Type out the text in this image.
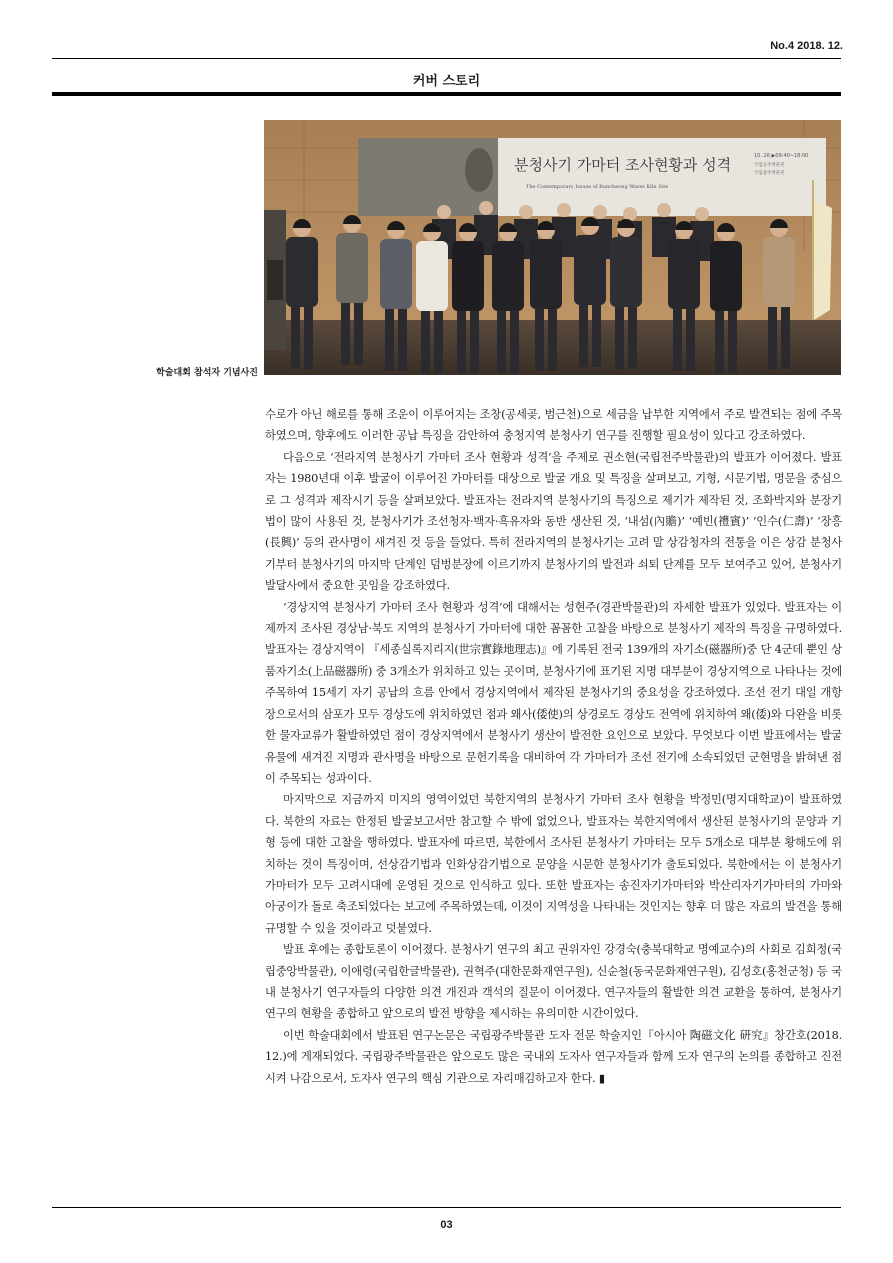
No.4 2018. 12.
커버 스토리
분청사기 가마터 조사현황과 성격
The Contemporary Issues of Buncheong Wares Kiln Site
10. 26 ▶09:40~18:00
국립공주박물관
국립광주박물관
학술대회 참석자 기념사진

수로가 아닌 해로를 통해 조운이 이루어지는 조창(공세곶, 범근천)으로 세금을 납부한 지역에서 주로 발견되는 점에 주목하였으며, 향후에도 이러한 공납 특징을 감안하여 충청지역 분청사기 연구를 진행할 필요성이 있다고 강조하였다.

다음으로 ‘전라지역 분청사기 가마터 조사 현황과 성격’을 주제로 권소현(국립전주박물관)의 발표가 이어졌다. 발표자는 1980년대 이후 발굴이 이루어진 가마터를 대상으로 발굴 개요 및 특징을 살펴보고, 기형, 시문기법, 명문을 중심으로 그 성격과 제작시기 등을 살펴보았다. 발표자는 전라지역 분청사기의 특징으로 제기가 제작된 것, 조화박지와 분장기법이 많이 사용된 것, 분청사기가 조선청자·백자·흑유자와 동반 생산된 것, ‘내섬(內贍)’ ‘예빈(禮賓)’ ‘인수(仁壽)’ ‘장흥(長興)’ 등의 관사명이 새겨진 것 등을 들었다. 특히 전라지역의 분청사기는 고려 말 상감청자의 전통을 이은 상감 분청사기부터 분청사기의 마지막 단계인 덤벙분장에 이르기까지 분청사기의 발전과 쇠퇴 단계를 모두 보여주고 있어, 분청사기 발달사에서 중요한 곳임을 강조하였다.

‘경상지역 분청사기 가마터 조사 현황과 성격’에 대해서는 성현주(경관박물관)의 자세한 발표가 있었다. 발표자는 이제까지 조사된 경상남·북도 지역의 분청사기 가마터에 대한 꼼꼼한 고찰을 바탕으로 분청사기 제작의 특징을 규명하였다. 발표자는 경상지역이 『세종실록지리지(世宗實錄地理志)』에 기록된 전국 139개의 자기소(磁器所)중 단 4군데 뿐인 상품자기소(上品磁器所) 중 3개소가 위치하고 있는 곳이며, 분청사기에 표기된 지명 대부분이 경상지역으로 나타나는 것에 주목하여 15세기 자기 공납의 흐름 안에서 경상지역에서 제작된 분청사기의 중요성을 강조하였다. 조선 전기 대일 개항장으로서의 삼포가 모두 경상도에 위치하였던 점과 왜사(倭使)의 상경로도 경상도 전역에 위치하여 왜(倭)와 다완을 비롯한 물자교류가 활발하였던 점이 경상지역에서 분청사기 생산이 발전한 요인으로 보았다. 무엇보다 이번 발표에서는 발굴유물에 새겨진 지명과 관사명을 바탕으로 문헌기록을 대비하여 각 가마터가 조선 전기에 소속되었던 군현명을 밝혀낸 점이 주목되는 성과이다.

마지막으로 지금까지 미지의 영역이었던 북한지역의 분청사기 가마터 조사 현황을 박정민(명지대학교)이 발표하였다. 북한의 자료는 한정된 발굴보고서만 참고할 수 밖에 없었으나, 발표자는 북한지역에서 생산된 분청사기의 문양과 기형 등에 대한 고찰을 행하였다. 발표자에 따르면, 북한에서 조사된 분청사기 가마터는 모두 5개소로 대부분 황해도에 위치하는 것이 특징이며, 선상감기법과 인화상감기법으로 문양을 시문한 분청사기가 출토되었다. 북한에서는 이 분청사기 가마터가 모두 고려시대에 운영된 것으로 인식하고 있다. 또한 발표자는 송진자기가마터와 박산리자기가마터의 가마와 아궁이가 돌로 축조되었다는 보고에 주목하였는데, 이것이 지역성을 나타내는 것인지는 향후 더 많은 자료의 발견을 통해 규명할 수 있을 것이라고 덧붙였다.

발표 후에는 종합토론이 이어졌다. 분청사기 연구의 최고 권위자인 강경숙(충북대학교 명예교수)의 사회로 김희정(국립중앙박물관), 이애령(국립한글박물관), 권혁주(대한문화재연구원), 신순철(동국문화재연구원), 김성호(홍천군청) 등 국내 분청사기 연구자들의 다양한 의견 개진과 객석의 질문이 이어졌다. 연구자들의 활발한 의견 교환을 통하여, 분청사기 연구의 현황을 종합하고 앞으로의 발전 방향을 제시하는 유의미한 시간이었다.

이번 학술대회에서 발표된 연구논문은 국립광주박물관 도자 전문 학술지인『아시아 陶磁文化 硏究』창간호(2018. 12.)에 게재되었다. 국립광주박물관은 앞으로도 많은 국내외 도자사 연구자들과 함께 도자 연구의 논의를 종합하고 진전시켜 나감으로서, 도자사 연구의 핵심 기관으로 자리매김하고자 한다. ▮

03
